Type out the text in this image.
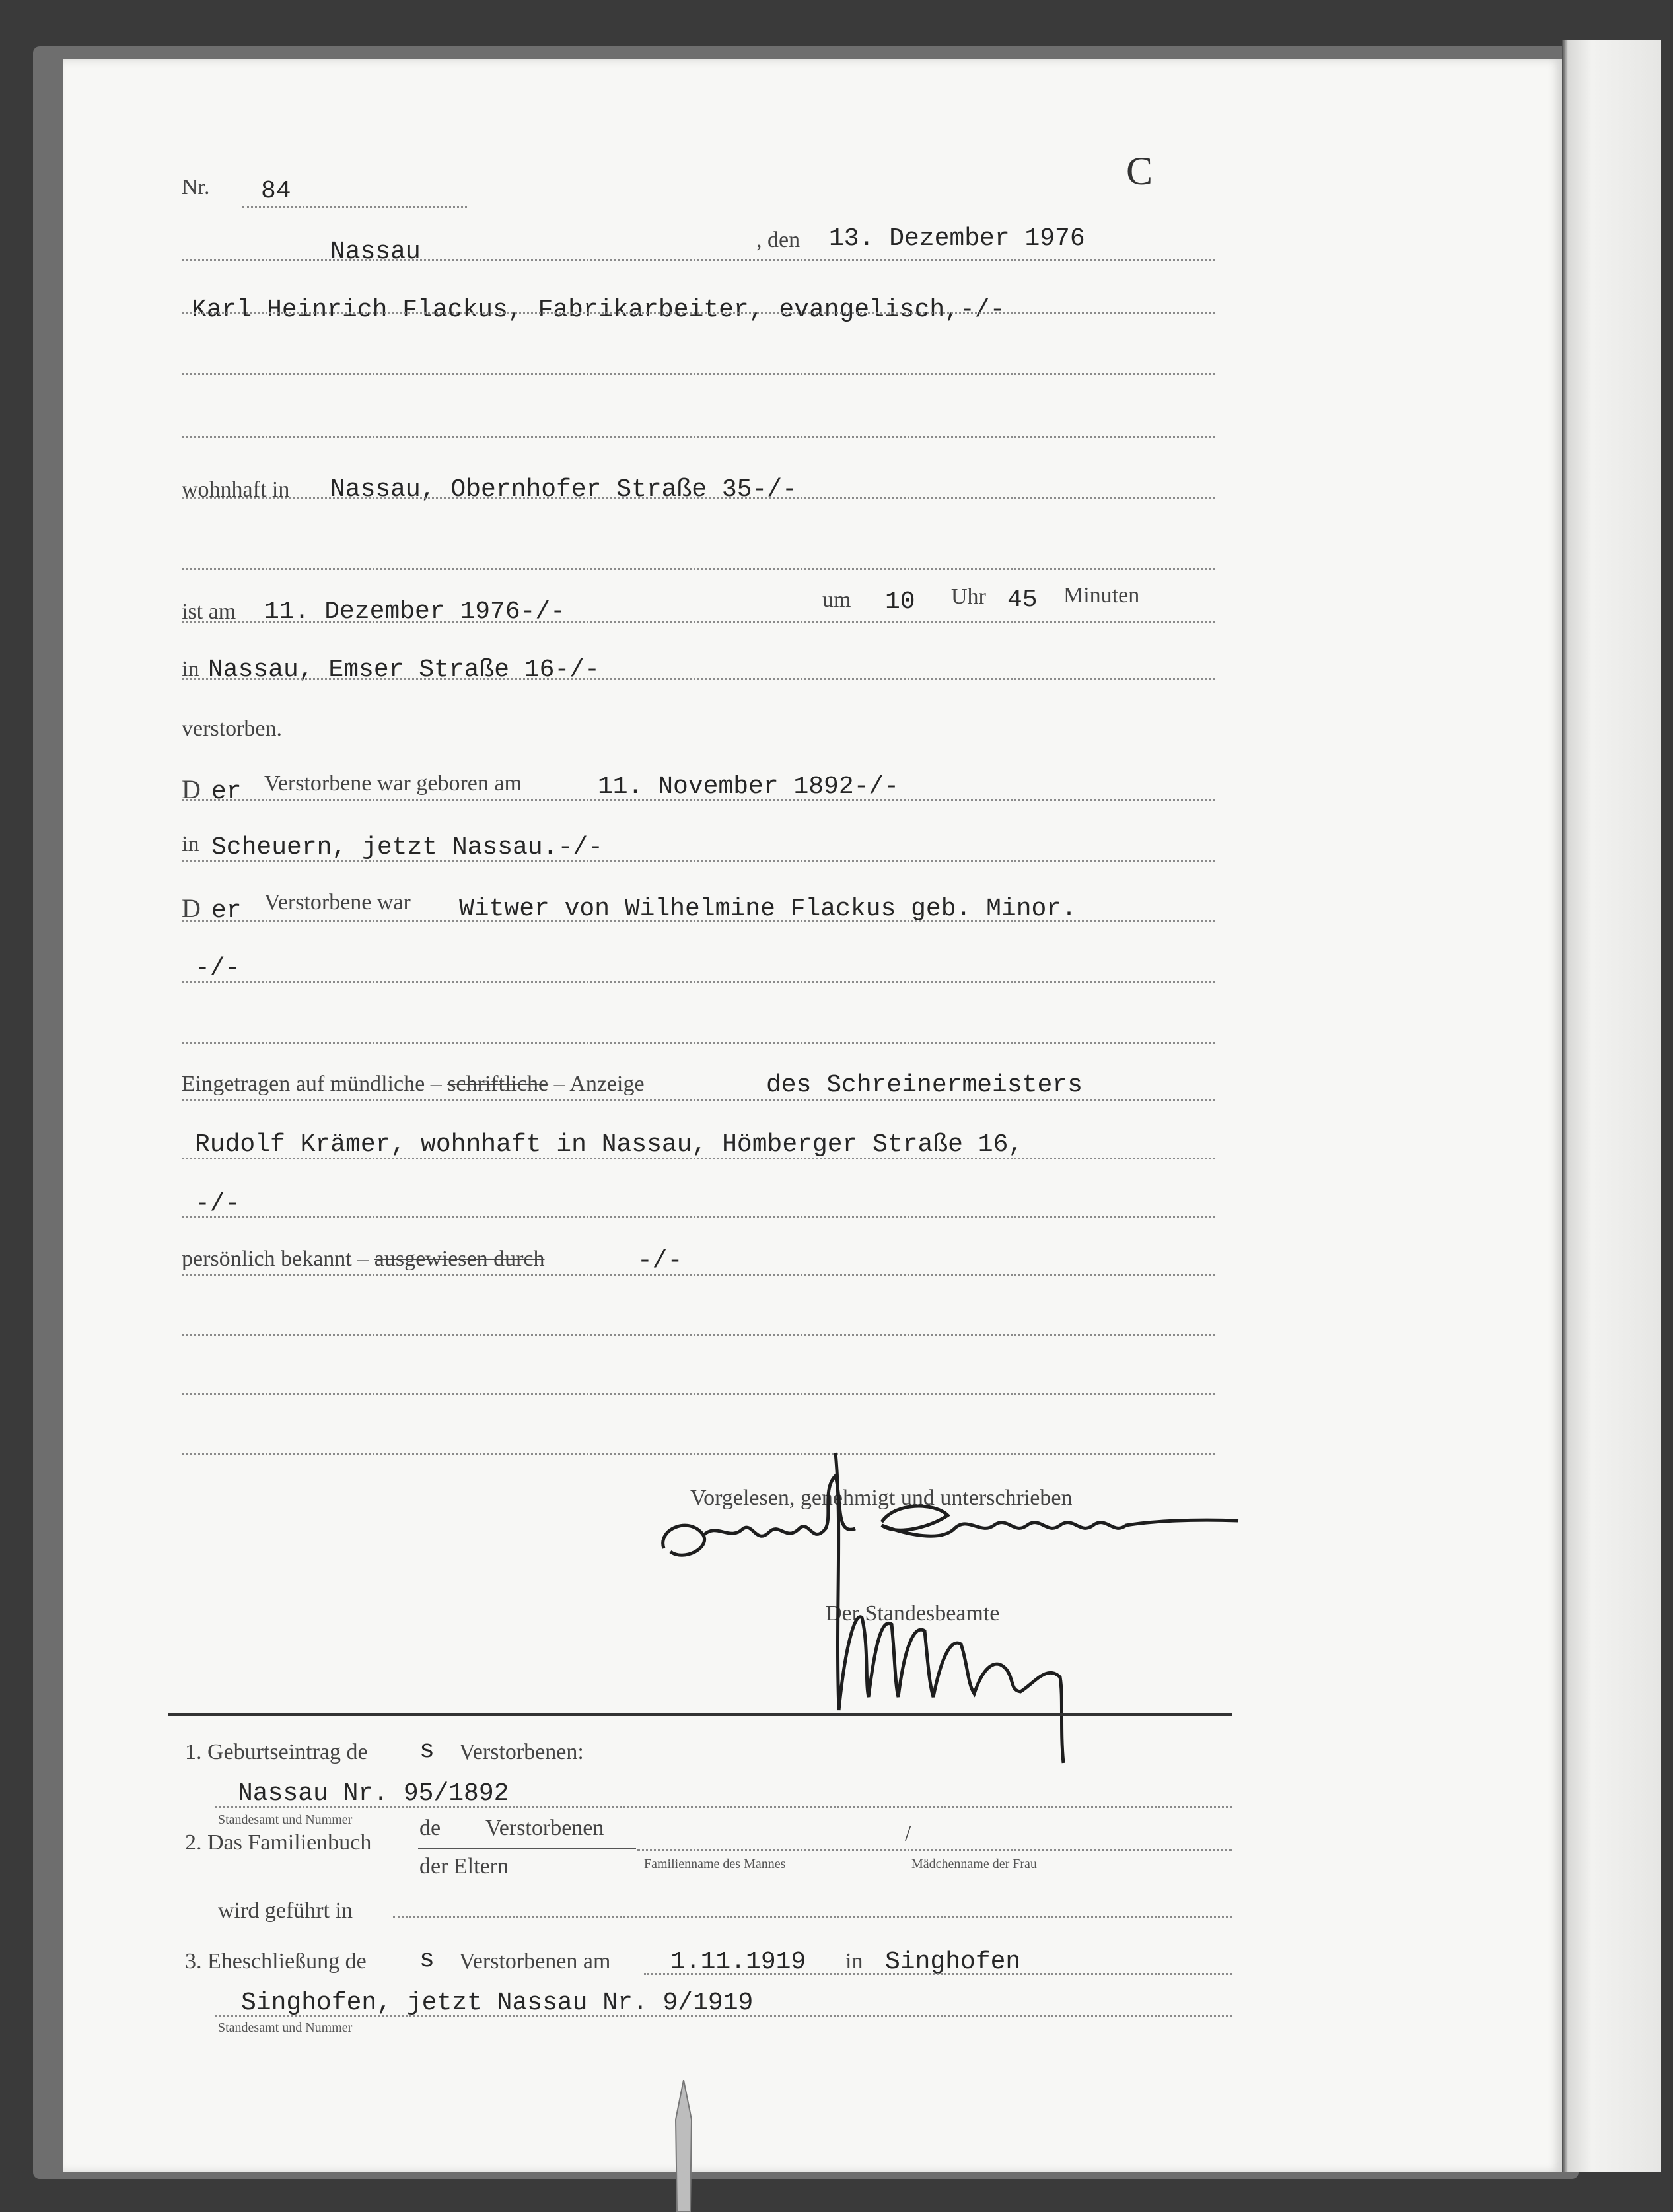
Nr. 84	C
Nassau	, den 13. Dezember 1976
Karl Heinrich Flackus, Fabrikarbeiter, evangelisch,-/-
wohnhaft in Nassau, Obernhofer Straße 35-/-
ist am 11. Dezember 1976-/-	um 10 Uhr 45 Minuten
in Nassau, Emser Straße 16-/-
verstorben.
D er Verstorbene war geboren am	11. November 1892-/-
in Scheuern, jetzt Nassau.-/-
D er Verstorbene war Witwer von Wilhelmine Flackus geb. Minor.
-/-
Eingetragen auf mündliche – schriftliche – Anzeige	des Schreinermeisters
Rudolf Krämer, wohnhaft in Nassau, Hömberger Straße 16,
-/-
persönlich bekannt – ausgewiesen durch	-/-
Vorgelesen, genehmigt und unterschrieben
Der Standesbeamte
1. Geburtseintrag de s Verstorbenen:
Nassau Nr. 95/1892
Standesamt und Nummer
2. Das Familienbuch
de Verstorbenen
der Eltern	Familienname des Mannes
/
Mädchenname der Frau
wird geführt in
3. Eheschließung de s Verstorbenen am 1.11.1919 in Singhofen
Singhofen, jetzt Nassau Nr. 9/1919
Standesamt und Nummer
